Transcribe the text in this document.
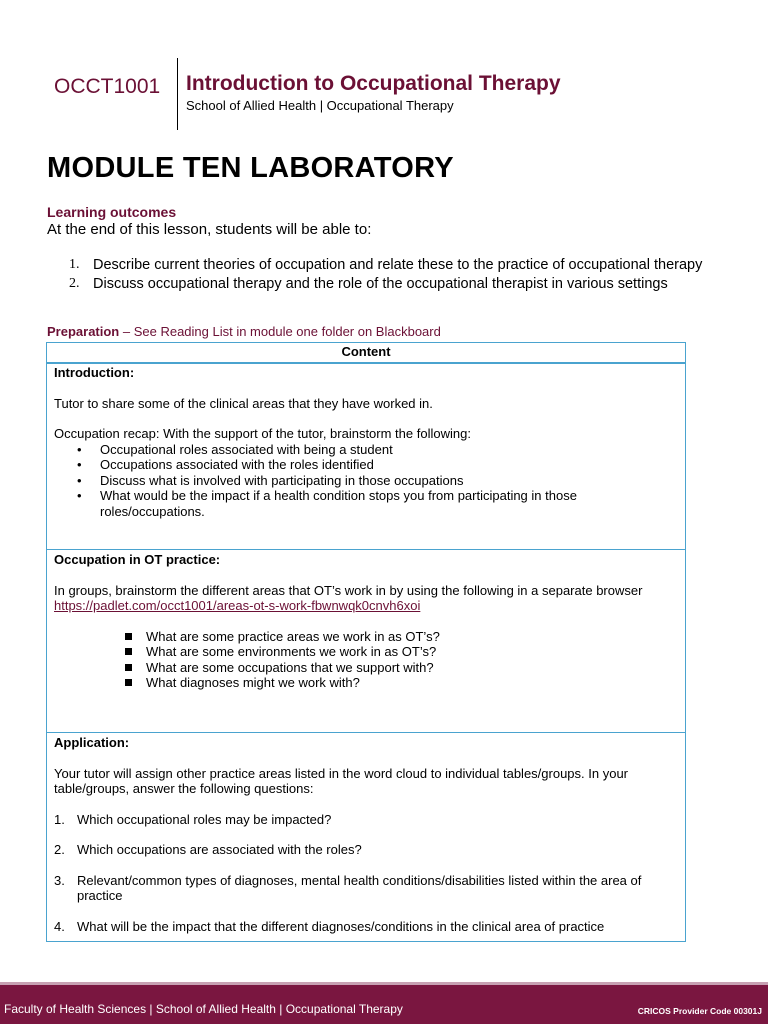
OCCT1001	Introduction to Occupational Therapy
School of Allied Health | Occupational Therapy
MODULE TEN LABORATORY
Learning outcomes
At the end of this lesson, students will be able to:
1. Describe current theories of occupation and relate these to the practice of occupational therapy
2. Discuss occupational therapy and the role of the occupational therapist in various settings
Preparation – See Reading List in module one folder on Blackboard
Content
Introduction:

Tutor to share some of the clinical areas that they have worked in.

Occupation recap: With the support of the tutor, brainstorm the following:

• Occupational roles associated with being a student
• Occupations associated with the roles identified
• Discuss what is involved with participating in those occupations
• What would be the impact if a health condition stops you from participating in those roles/occupations.
Occupation in OT practice:

In groups, brainstorm the different areas that OT’s work in by using the following in a separate browser https://padlet.com/occt1001/areas-ot-s-work-fbwnwqk0cnvh6xoi

What are some practice areas we work in as OT’s?
What are some environments we work in as OT’s?
What are some occupations that we support with?
What diagnoses might we work with?
Application:

Your tutor will assign other practice areas listed in the word cloud to individual tables/groups. In your table/groups, answer the following questions:

1. Which occupational roles may be impacted?
2. Which occupations are associated with the roles?
3. Relevant/common types of diagnoses, mental health conditions/disabilities listed within the area of practice
4. What will be the impact that the different diagnoses/conditions in the clinical area of practice
Faculty of Health Sciences | School of Allied Health | Occupational Therapy	CRICOS Provider Code 00301J
